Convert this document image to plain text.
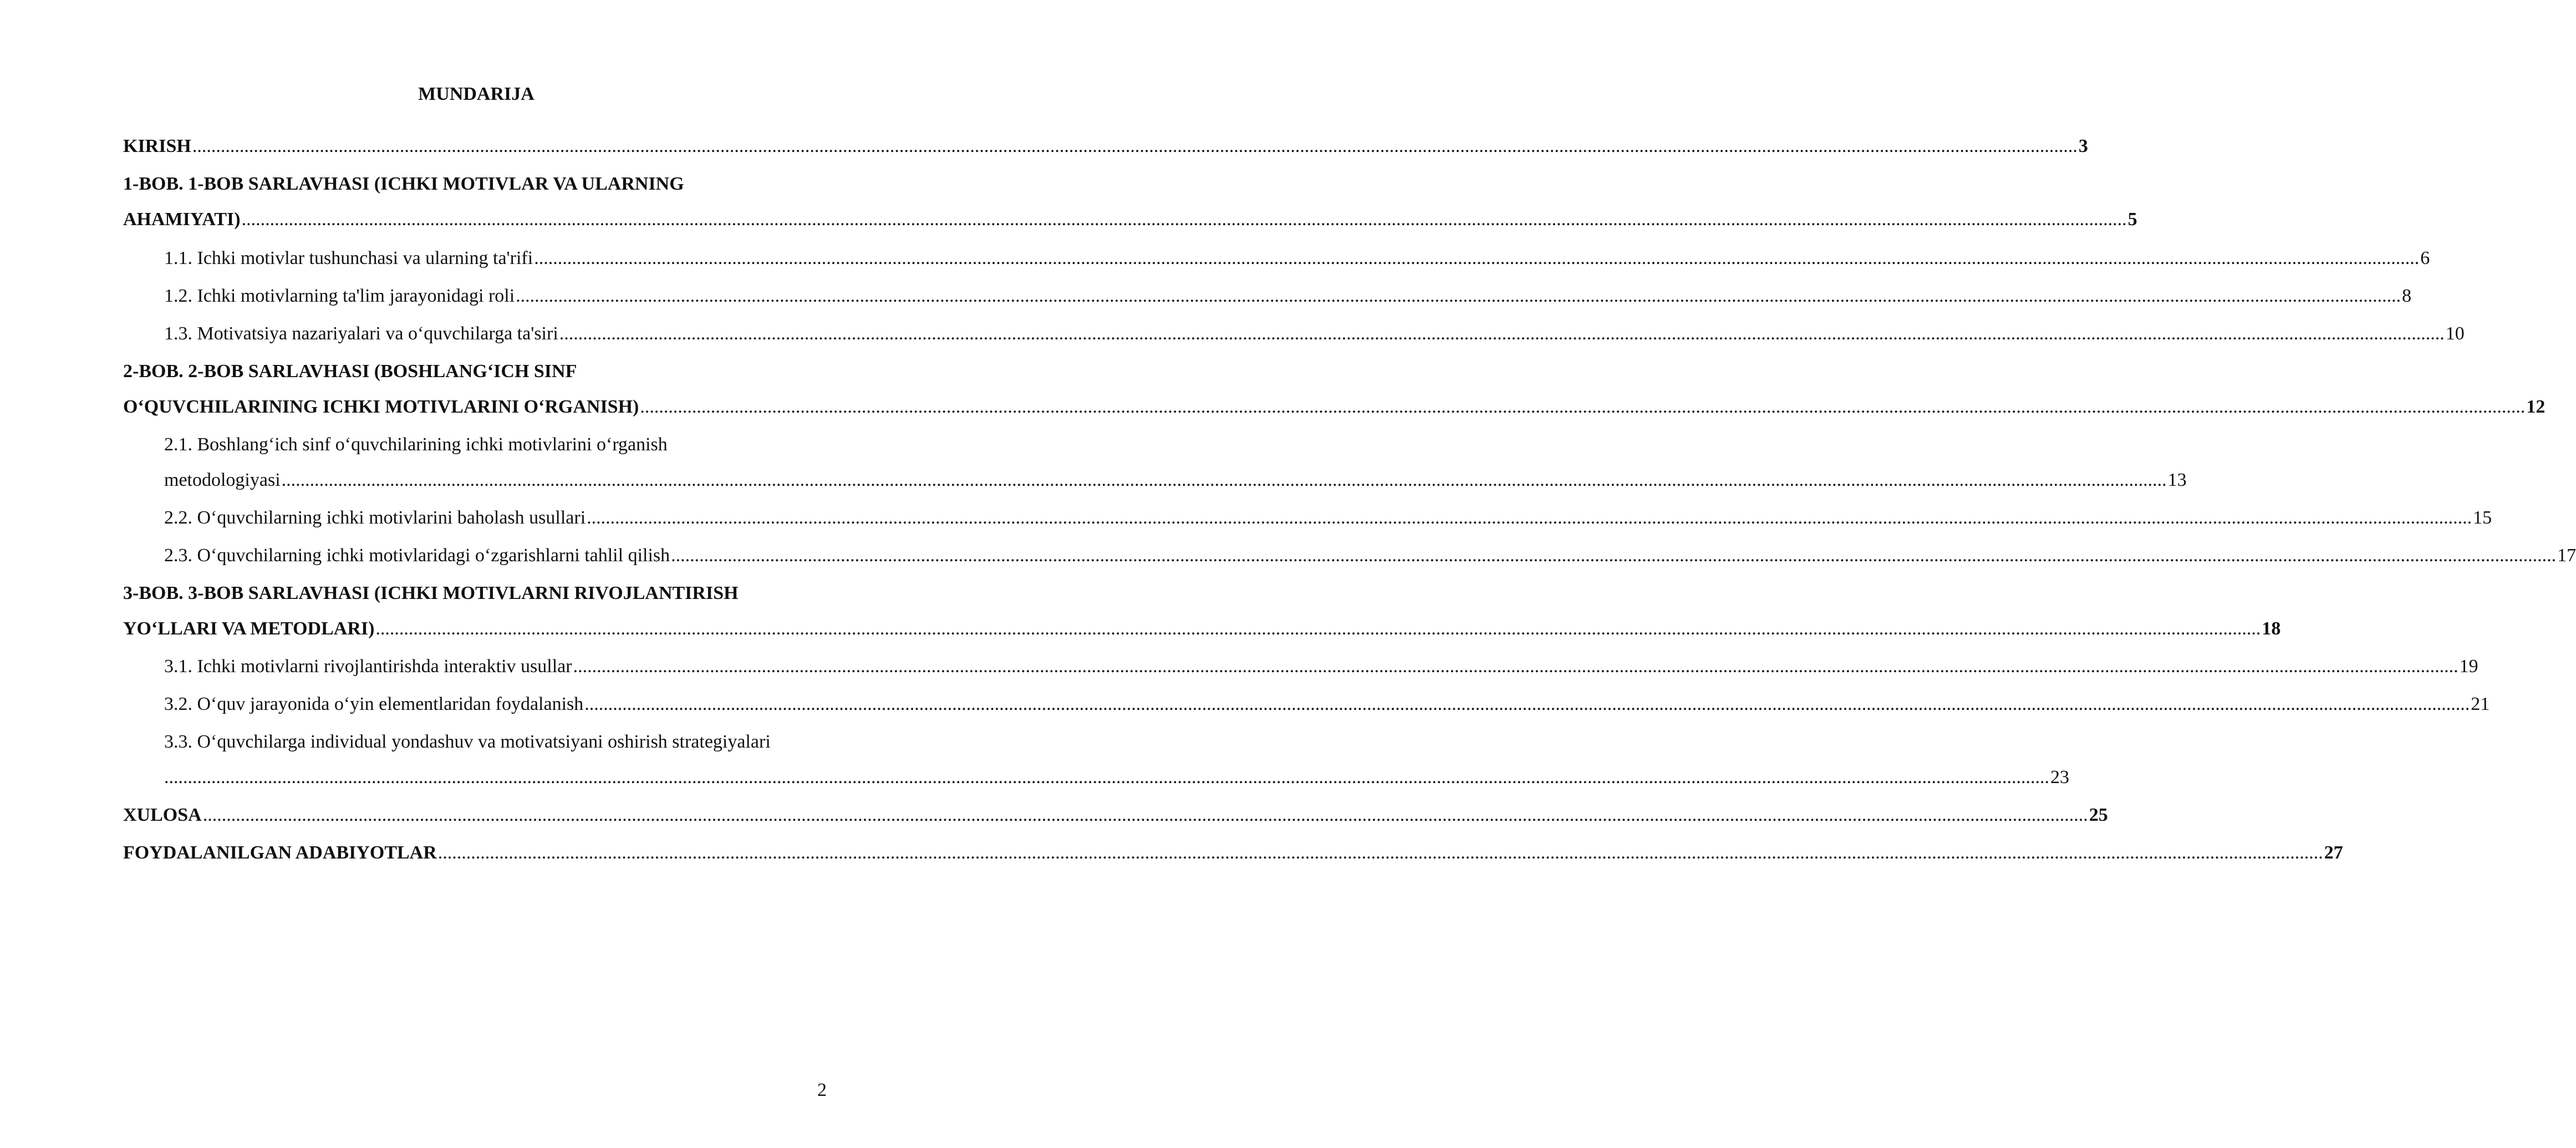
MUNDARIJA
KIRISH ................................................................................................................................................................................................................................................................................................................................................................................................................ 3
1-BOB. 1-BOB SARLAVHASI (ICHKI MOTIVLAR VA ULARNING
AHAMIYATI) ................................................................................................................................................................................................................................................................................................................................................................................................................ 5
1.1. Ichki motivlar tushunchasi va ularning ta'rifi ................................................................................................................................................................................................................................................................................................................................................................................................................ 6
1.2. Ichki motivlarning ta'lim jarayonidagi roli ................................................................................................................................................................................................................................................................................................................................................................................................................ 8
1.3. Motivatsiya nazariyalari va o‘quvchilarga ta'siri ................................................................................................................................................................................................................................................................................................................................................................................................................ 10
2-BOB. 2-BOB SARLAVHASI (BOSHLANG‘ICH SINF
O‘QUVCHILARINING ICHKI MOTIVLARINI O‘RGANISH) ................................................................................................................................................................................................................................................................................................................................................................................................................ 12
2.1. Boshlang‘ich sinf o‘quvchilarining ichki motivlarini o‘rganish
metodologiyasi ................................................................................................................................................................................................................................................................................................................................................................................................................ 13
2.2. O‘quvchilarning ichki motivlarini baholash usullari ................................................................................................................................................................................................................................................................................................................................................................................................................ 15
2.3. O‘quvchilarning ichki motivlaridagi o‘zgarishlarni tahlil qilish ................................................................................................................................................................................................................................................................................................................................................................................................................ 17
3-BOB. 3-BOB SARLAVHASI (ICHKI MOTIVLARNI RIVOJLANTIRISH
YO‘LLARI VA METODLARI) ................................................................................................................................................................................................................................................................................................................................................................................................................ 18
3.1. Ichki motivlarni rivojlantirishda interaktiv usullar ................................................................................................................................................................................................................................................................................................................................................................................................................ 19
3.2. O‘quv jarayonida o‘yin elementlaridan foydalanish ................................................................................................................................................................................................................................................................................................................................................................................................................ 21
3.3. O‘quvchilarga individual yondashuv va motivatsiyani oshirish strategiyalari
................................................................................................................................................................................................................................................................................................................................................................................................................ 23
XULOSA ................................................................................................................................................................................................................................................................................................................................................................................................................ 25
FOYDALANILGAN ADABIYOTLAR ................................................................................................................................................................................................................................................................................................................................................................................................................ 27
2
